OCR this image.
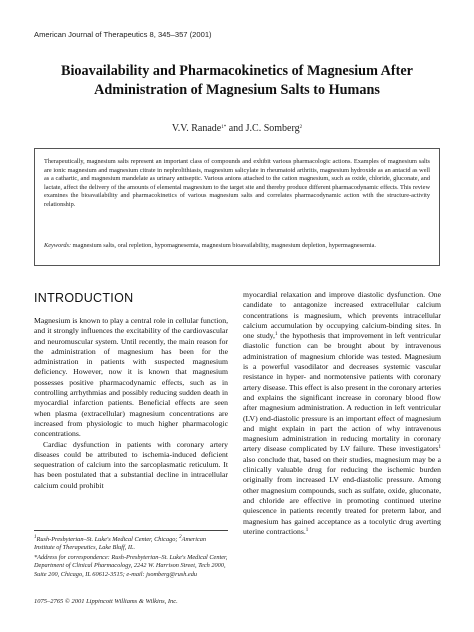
American Journal of Therapeutics 8, 345–357 (2001)
Bioavailability and Pharmacokinetics of Magnesium After
Administration of Magnesium Salts to Humans
V.V. Ranade$^{1*}$ and J.C. Somberg$^2$
Therapeutically, magnesium salts represent an important class of compounds and exhibit various pharmacologic actions. Examples of magnesium salts are ionic magnesium and magnesium citrate in nephrolithiasis, magnesium salicylate in rheumatoid arthritis, magnesium hydroxide as an antacid as well as a cathartic, and magnesium mandelate as urinary antiseptic. Various anions attached to the cation magnesium, such as oxide, chloride, gluconate, and lactate, affect the delivery of the amounts of elemental magnesium to the target site and thereby produce different pharmacodynamic effects. This review examines the bioavailability and pharmacokinetics of various magnesium salts and correlates pharmacodynamic action with the structure-activity relationship.
Keywords: magnesium salts, oral repletion, hypomagnesemia, magnesium bioavailability, magnesium depletion, hypermagnesemia.
INTRODUCTION

Magnesium is known to play a central role in cellular function, and it strongly influences the excitability of the cardiovascular and neuromuscular system. Until recently, the main reason for the administration of magnesium has been for the administration in patients with suspected magnesium deficiency. However, now it is known that magnesium possesses positive pharmacodynamic effects, such as in controlling arrhythmias and possibly reducing sudden death in myocardial infarction patients. Beneficial effects are seen when plasma (extracellular) magnesium concentrations are increased from physiologic to much higher pharmacologic concentrations.

Cardiac dysfunction in patients with coronary artery diseases could be attributed to ischemia-induced deficient sequestration of calcium into the sarcoplasmatic reticulum. It has been postulated that a substantial decline in intracellular calcium could prohibit

myocardial relaxation and improve diastolic dysfunction. One candidate to antagonize increased extracellular calcium concentrations is magnesium, which prevents intracellular calcium accumulation by occupying calcium-binding sites. In one study,$^1$ the hypothesis that improvement in left ventricular diastolic function can be brought about by intravenous administration of magnesium chloride was tested. Magnesium is a powerful vasodilator and decreases systemic vascular resistance in hyper- and normotensive patients with coronary artery disease. This effect is also present in the coronary arteries and explains the significant increase in coronary blood flow after magnesium administration. A reduction in left ventricular (LV) end-diastolic pressure is an important effect of magnesium and might explain in part the action of why intravenous magnesium administration in reducing mortality in coronary artery disease complicated by LV failure. These investigators$^1$ also conclude that, based on their studies, magnesium may be a clinically valuable drug for reducing the ischemic burden originally from increased LV end-diastolic pressure. Among other magnesium compounds, such as sulfate, oxide, gluconate, and chloride are effective in promoting continued uterine quiescence in patients recently treated for preterm labor, and magnesium has gained acceptance as a tocolytic drug averting uterine contractions.$^1$

$^1$Rush-Presbyterian–St. Luke's Medical Center, Chicago; $^2$American Institute of Therapeutics, Lake Bluff, IL.

*Address for correspondence: Rush-Presbyterian–St. Luke's Medical Center, Department of Clinical Pharmacology, 2242 W. Harrison Street, Tech 2000, Suite 200, Chicago, IL 60612-3515; e-mail: jsomberg@rush.edu

1075–2765 © 2001 Lippincott Williams & Wilkins, Inc.
